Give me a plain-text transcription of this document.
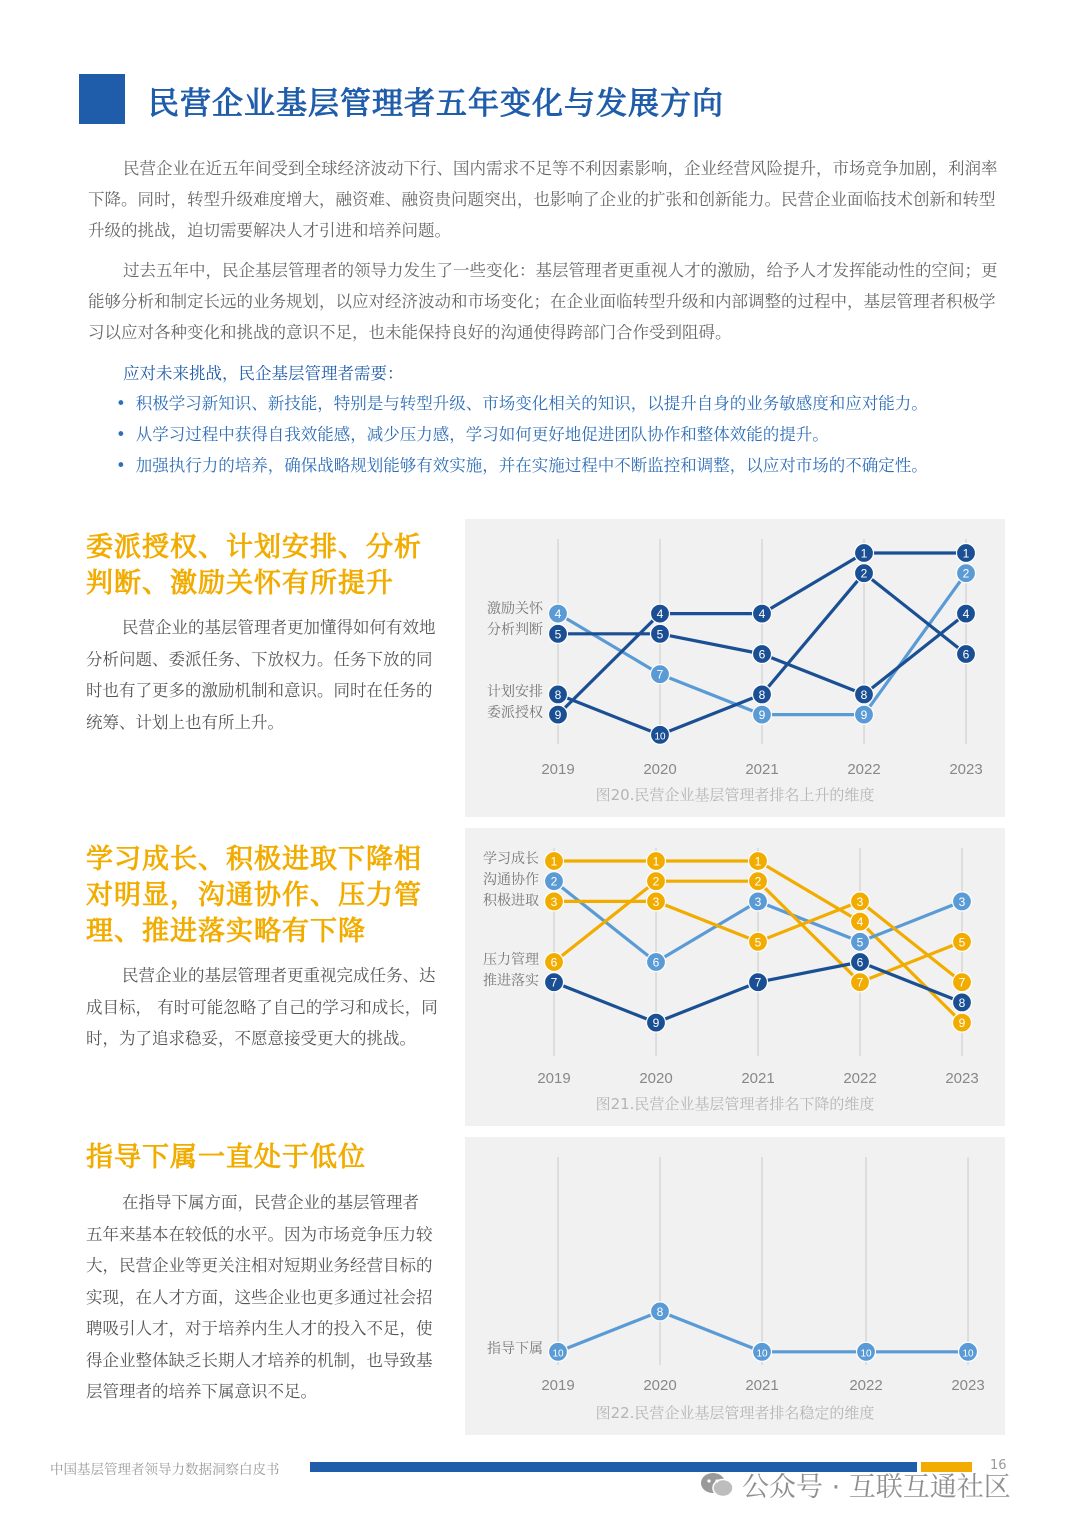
民营企业基层管理者五年变化与发展方向

民营企业在近五年间受到全球经济波动下行、国内需求不足等不利因素影响，企业经营风险提升，市场竞争加剧，利润率下降。同时，转型升级难度增大，融资难、融资贵问题突出，也影响了企业的扩张和创新能力。民营企业面临技术创新和转型升级的挑战，迫切需要解决人才引进和培养问题。

过去五年中，民企基层管理者的领导力发生了一些变化：基层管理者更重视人才的激励，给予人才发挥能动性的空间；更能够分析和制定长远的业务规划，以应对经济波动和市场变化；在企业面临转型升级和内部调整的过程中，基层管理者积极学习以应对各种变化和挑战的意识不足，也未能保持良好的沟通使得跨部门合作受到阻碍。

应对未来挑战，民企基层管理者需要：
• 积极学习新知识、新技能，特别是与转型升级、市场变化相关的知识，以提升自身的业务敏感度和应对能力。
• 从学习过程中获得自我效能感，减少压力感，学习如何更好地促进团队协作和整体效能的提升。
• 加强执行力的培养，确保战略规划能够有效实施，并在实施过程中不断监控和调整，以应对市场的不确定性。
委派授权、计划安排、分析判断、激励关怀有所提升

民营企业的基层管理者更加懂得如何有效地分析问题、委派任务、下放权力。任务下放的同时也有了更多的激励机制和意识。同时在任务的统筹、计划上也有所上升。

学习成长、积极进取下降相对明显，沟通协作、压力管理、推进落实略有下降

民营企业的基层管理者更重视完成任务、达成目标， 有时可能忽略了自己的学习和成长，同时，为了追求稳妥，不愿意接受更大的挑战。

指导下属一直处于低位

在指导下属方面，民营企业的基层管理者五年来基本在较低的水平。因为市场竞争压力较大，民营企业等更关注相对短期业务经营目标的实现，在人才方面，这些企业也更多通过社会招聘吸引人才，对于培养内生人才的投入不足，使得企业整体缺乏长期人才培养的机制，也导致基层管理者的培养下属意识不足。

2019	2020	2021	2022	2023
4
7
9	9
2
5	5
6
8
4
8
10
8
2
6
9
4	4
1	1
图20.民营企业基层管理者排名上升的维度
激励关怀
分析判断
计划安排
委派授权
2019	2020	2021	2022	2023
1	1	1
4
9
2
6
3
5
3
3	3
5
3
7
6
2	2
7
5
7
9
7
6
8
图21.民营企业基层管理者排名下降的维度
学习成长
沟通协作
积极进取
压力管理
推进落实
2019	2020	2021	2022	2023
10
8
10	10	10
图22.民营企业基层管理者排名稳定的维度
指导下属
中国基层管理者领导力数据洞察白皮书	16
公众号 · 互联互通社区
